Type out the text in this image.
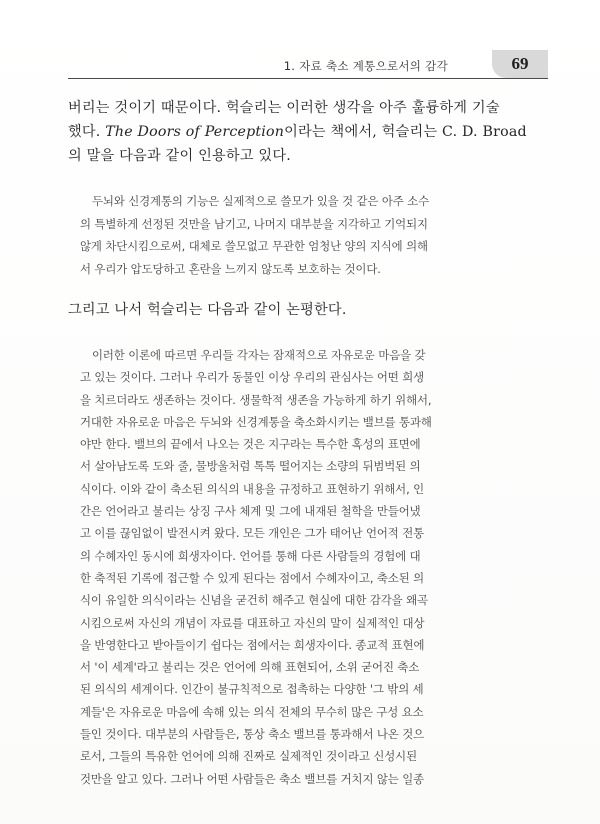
1. 자료 축소 계통으로서의 감각	69
버리는 것이기 때문이다. 헉슬리는 이러한 생각을 아주 훌륭하게 기술
했다. The Doors of Perception이라는 책에서, 헉슬리는 C. D. Broad
의 말을 다음과 같이 인용하고 있다.
두뇌와 신경계통의 기능은 실제적으로 쓸모가 있을 것 같은 아주 소수
의 특별하게 선정된 것만을 남기고, 나머지 대부분을 지각하고 기억되지
않게 차단시킴으로써, 대체로 쓸모없고 무관한 엄청난 양의 지식에 의해
서 우리가 압도당하고 혼란을 느끼지 않도록 보호하는 것이다.
그리고 나서 헉슬리는 다음과 같이 논평한다.
이러한 이론에 따르면 우리들 각자는 잠재적으로 자유로운 마음을 갖
고 있는 것이다. 그러나 우리가 동물인 이상 우리의 관심사는 어떤 희생
을 치르더라도 생존하는 것이다. 생물학적 생존을 가능하게 하기 위해서,
거대한 자유로운 마음은 두뇌와 신경계통을 축소화시키는 밸브를 통과해
야만 한다. 밸브의 끝에서 나오는 것은 지구라는 특수한 혹성의 표면에
서 살아남도록 도와 줄, 물방울처럼 톡톡 떨어지는 소량의 뒤범벅된 의
식이다. 이와 같이 축소된 의식의 내용을 규정하고 표현하기 위해서, 인
간은 언어라고 불리는 상징 구사 체계 및 그에 내재된 철학을 만들어냈
고 이를 끊임없이 발전시켜 왔다. 모든 개인은 그가 태어난 언어적 전통
의 수혜자인 동시에 희생자이다. 언어를 통해 다른 사람들의 경험에 대
한 축적된 기록에 접근할 수 있게 된다는 점에서 수혜자이고, 축소된 의
식이 유일한 의식이라는 신념을 굳건히 해주고 현실에 대한 감각을 왜곡
시킴으로써 자신의 개념이 자료를 대표하고 자신의 말이 실제적인 대상
을 반영한다고 받아들이기 쉽다는 점에서는 희생자이다. 종교적 표현에
서 '이 세계'라고 불리는 것은 언어에 의해 표현되어, 소위 굳어진 축소
된 의식의 세계이다. 인간이 불규칙적으로 접촉하는 다양한 '그 밖의 세
계들'은 자유로운 마음에 속해 있는 의식 전체의 무수히 많은 구성 요소
들인 것이다. 대부분의 사람들은, 통상 축소 밸브를 통과해서 나온 것으
로서, 그들의 특유한 언어에 의해 진짜로 실제적인 것이라고 신성시된
것만을 알고 있다. 그러나 어떤 사람들은 축소 밸브를 거치지 않는 일종
